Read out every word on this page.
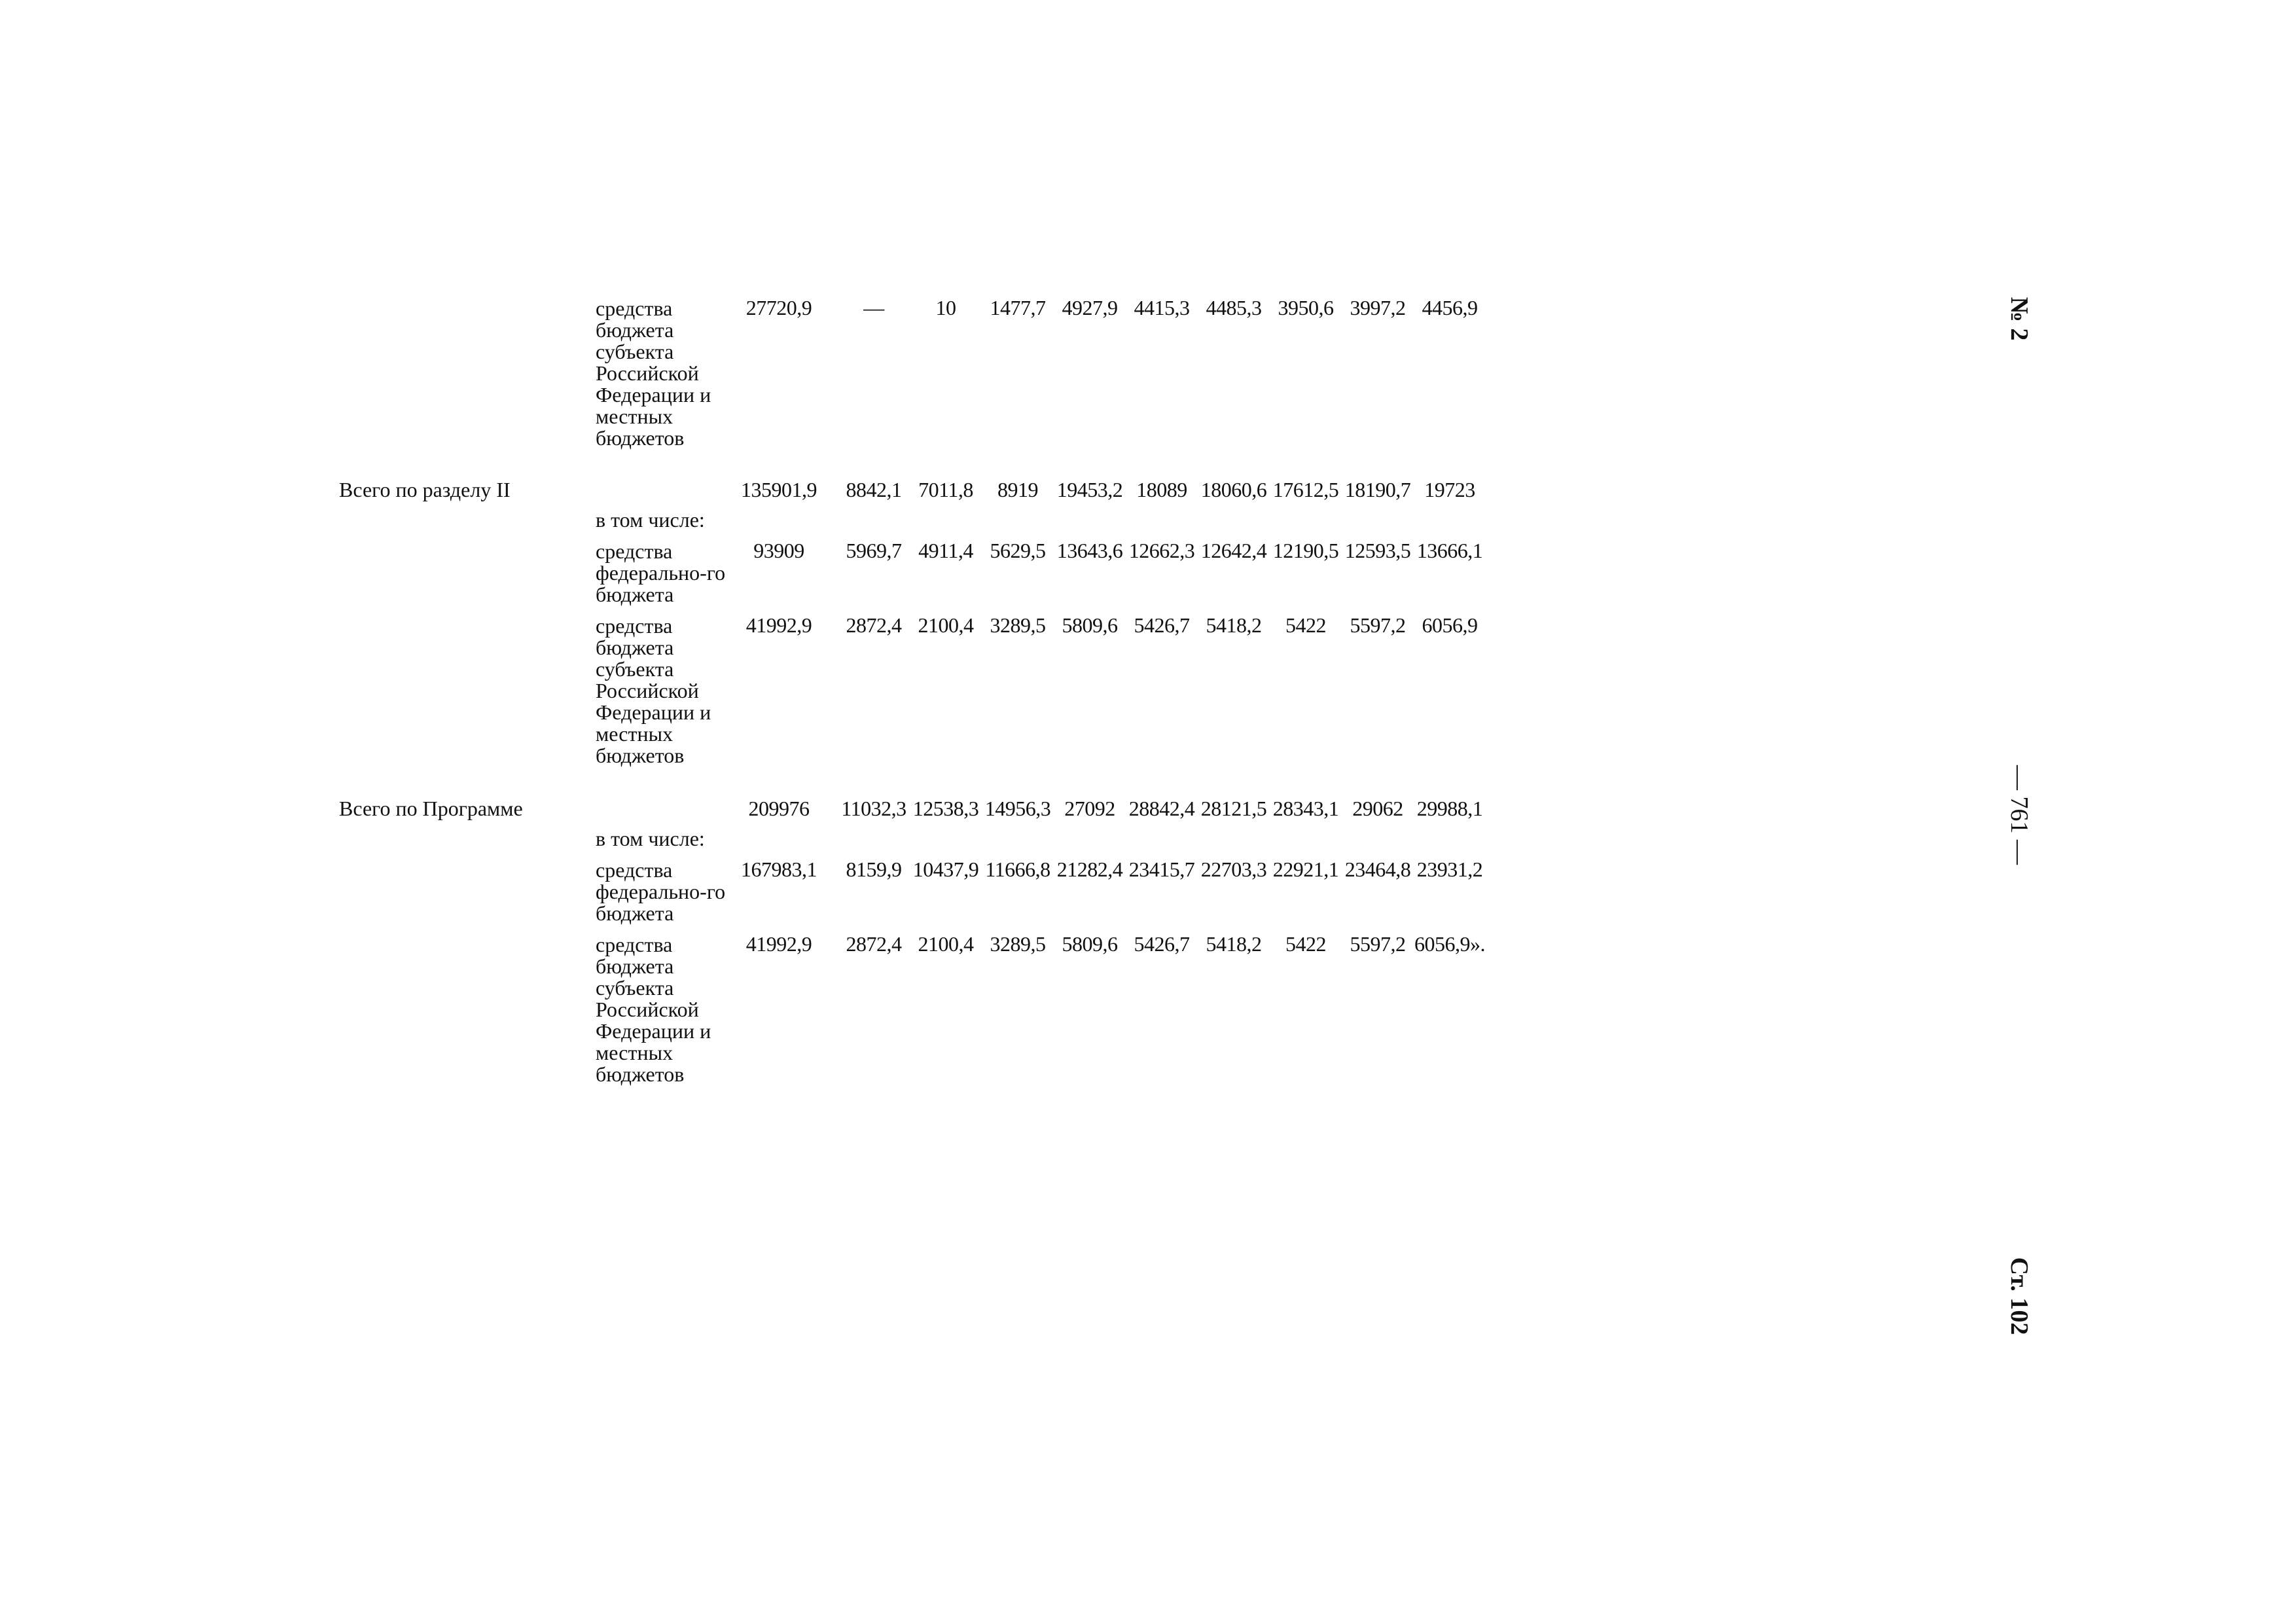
средства бюджета субъекта Российской Федерации и местных бюджетов
27720,9 — 10 1477,7 4927,9 4415,3 4485,3 3950,6 3997,2 4456,9
Всего по разделу II	135901,9 8842,1 7011,8 8919 19453,2 18089 18060,6 17612,5 18190,7 19723
в том числе:
средства федерально-го бюджета
93909 5969,7 4911,4 5629,5 13643,6 12662,3 12642,4 12190,5 12593,5 13666,1
средства бюджета субъекта Российской Федерации и местных бюджетов
41992,9 2872,4 2100,4 3289,5 5809,6 5426,7 5418,2 5422 5597,2 6056,9
Всего по Программе	209976 11032,3 12538,3 14956,3 27092 28842,4 28121,5 28343,1 29062 29988,1
в том числе:
средства федерально-го бюджета
167983,1 8159,9 10437,9 11666,8 21282,4 23415,7 22703,3 22921,1 23464,8 23931,2
средства бюджета субъекта Российской Федерации и местных бюджетов
41992,9 2872,4 2100,4 3289,5 5809,6 5426,7 5418,2 5422 5597,2 6056,9».
№ 2
— 761 —
Ст. 102
